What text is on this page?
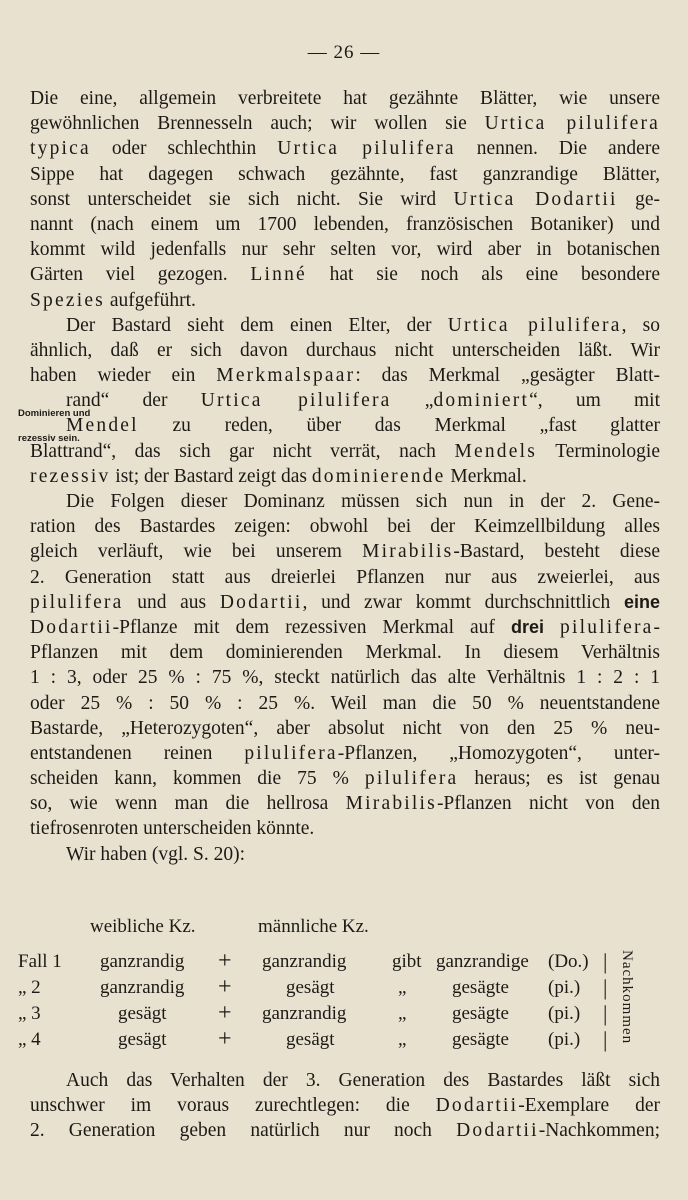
— 26 —
Dominieren und
rezessiv sein.
Die eine, allgemein verbreitete hat gezähnte Blätter, wie unsere
gewöhnlichen Brennesseln auch; wir wollen sie Urtica pilulifera
typica oder schlechthin Urtica pilulifera nennen. Die andere
Sippe hat dagegen schwach gezähnte, fast ganzrandige Blätter,
sonst unterscheidet sie sich nicht. Sie wird Urtica Dodartii ge-
nannt (nach einem um 1700 lebenden, französischen Botaniker) und
kommt wild jedenfalls nur sehr selten vor, wird aber in botanischen
Gärten viel gezogen. Linné hat sie noch als eine besondere
Spezies aufgeführt.
Der Bastard sieht dem einen Elter, der Urtica pilulifera, so
ähnlich, daß er sich davon durchaus nicht unterscheiden läßt. Wir
haben wieder ein Merkmalspaar: das Merkmal „gesägter Blatt-
rand“ der Urtica pilulifera „dominiert“, um mit
Mendel zu reden, über das Merkmal „fast glatter
Blattrand“, das sich gar nicht verrät, nach Mendels Terminologie
rezessiv ist; der Bastard zeigt das dominierende Merkmal.
Die Folgen dieser Dominanz müssen sich nun in der 2. Gene-
ration des Bastardes zeigen: obwohl bei der Keimzellbildung alles
gleich verläuft, wie bei unserem Mirabilis-Bastard, besteht diese
2. Generation statt aus dreierlei Pflanzen nur aus zweierlei, aus
pilulifera und aus Dodartii, und zwar kommt durchschnittlich eine
Dodartii-Pflanze mit dem rezessiven Merkmal auf drei pilulifera-
Pflanzen mit dem dominierenden Merkmal. In diesem Verhältnis
1 : 3, oder 25 % : 75 %, steckt natürlich das alte Verhältnis 1 : 2 : 1
oder 25 % : 50 % : 25 %. Weil man die 50 % neuentstandene
Bastarde, „Heterozygoten“, aber absolut nicht von den 25 % neu-
entstandenen reinen pilulifera-Pflanzen, „Homozygoten“, unter-
scheiden kann, kommen die 75 % pilulifera heraus; es ist genau
so, wie wenn man die hellrosa Mirabilis-Pflanzen nicht von den
tiefrosenroten unterscheiden könnte.
Wir haben (vgl. S. 20):
weibliche Kz.	männliche Kz.
Fall 1 ganzrandig + ganzrandig gibt ganzrandige (Do.) |
„ 2	ganzrandig +	gesägt	„ gesägte (pi.) |
„ 3	gesägt + ganzrandig	„ gesägte (pi.) |
„ 4	gesägt +	gesägt	„ gesägte (pi.) | Nachkommen
Auch das Verhalten der 3. Generation des Bastardes läßt sich
unschwer im voraus zurechtlegen: die Dodartii-Exemplare der
2. Generation geben natürlich nur noch Dodartii-Nachkommen;
